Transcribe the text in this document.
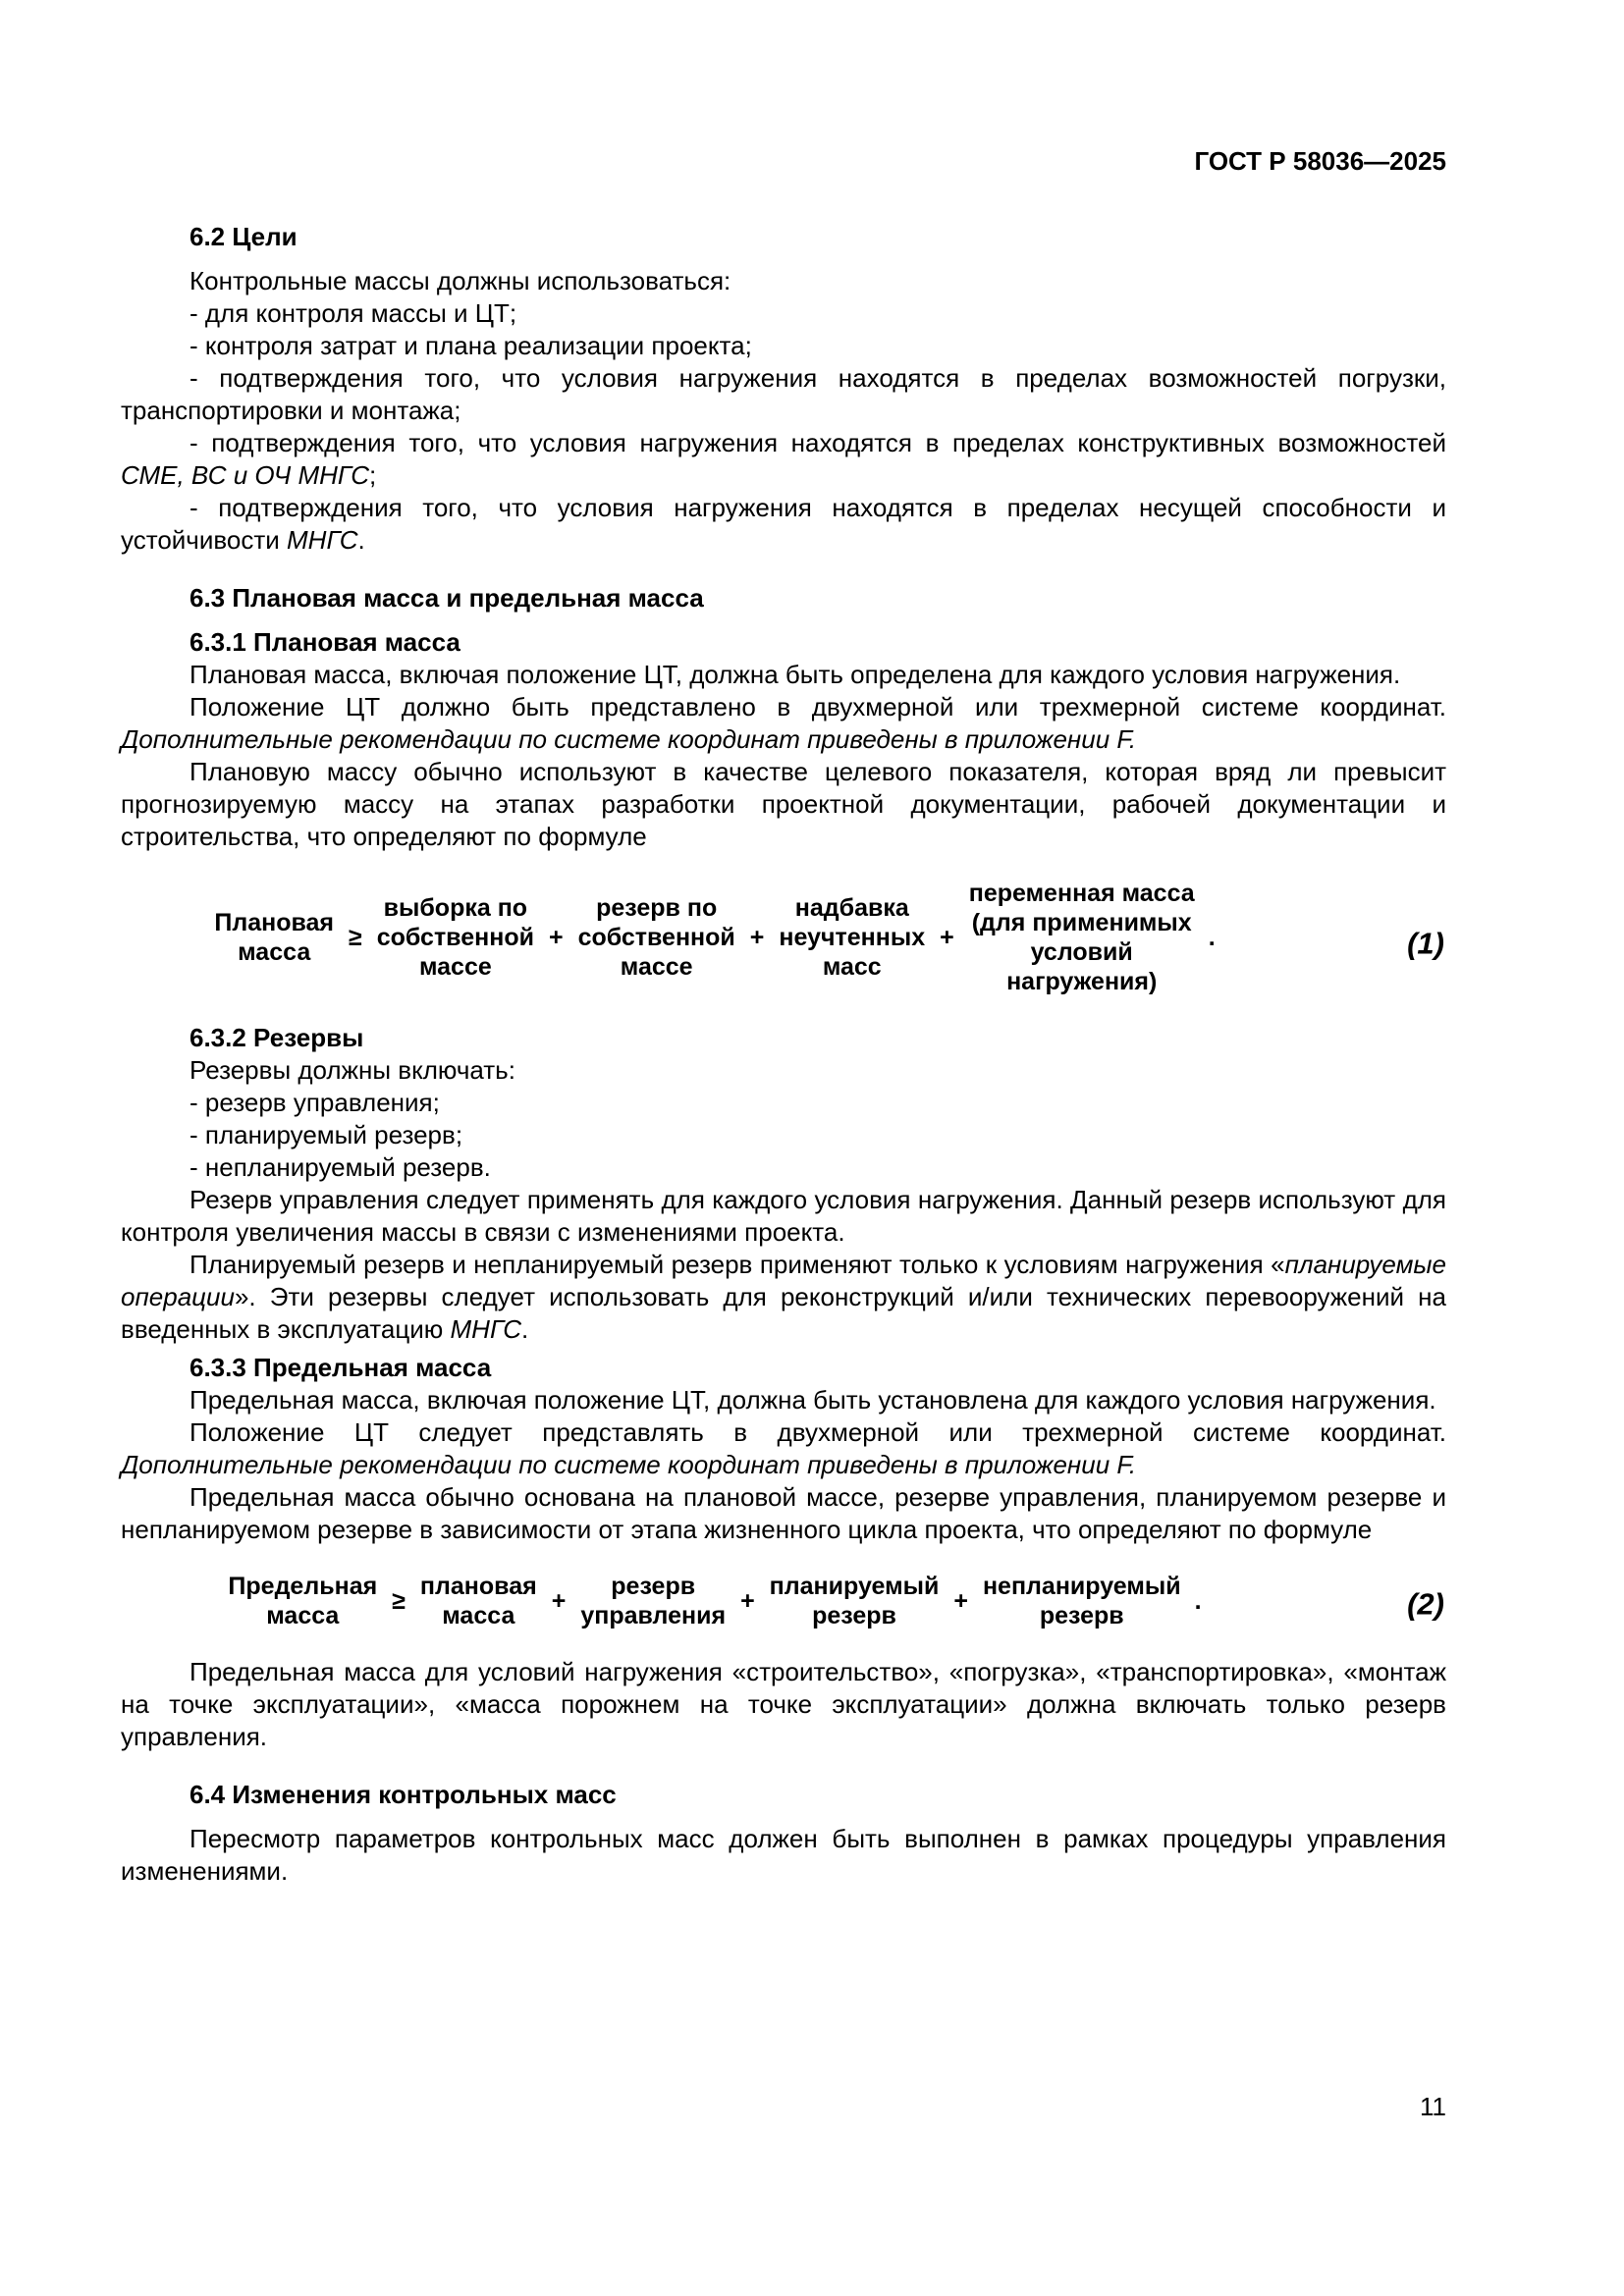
ГОСТ Р 58036—2025
6.2 Цели
Контрольные массы должны использоваться:
- для контроля массы и ЦТ;
- контроля затрат и плана реализации проекта;
- подтверждения того, что условия нагружения находятся в пределах возможностей погрузки, транспортировки и монтажа;
- подтверждения того, что условия нагружения находятся в пределах конструктивных возможностей СМЕ, ВС и ОЧ МНГС;
- подтверждения того, что условия нагружения находятся в пределах несущей способности и устойчивости МНГС.
6.3 Плановая масса и предельная масса
6.3.1 Плановая масса
Плановая масса, включая положение ЦТ, должна быть определена для каждого условия нагружения.
Положение ЦТ должно быть представлено в двухмерной или трехмерной системе координат. Дополнительные рекомендации по системе координат приведены в приложении F.
Плановую массу обычно используют в качестве целевого показателя, которая вряд ли превысит прогнозируемую массу на этапах разработки проектной документации, рабочей документации и строительства, что определяют по формуле
Плановая
масса
≥
выборка по
собственной
массе
+
резерв по
собственной
массе
+
надбавка
неучтенных
масс
+
переменная масса
(для применимых
условий
нагружения)
.	(1)
6.3.2 Резервы
Резервы должны включать:
- резерв управления;
- планируемый резерв;
- непланируемый резерв.
Резерв управления следует применять для каждого условия нагружения. Данный резерв используют для контроля увеличения массы в связи с изменениями проекта.
Планируемый резерв и непланируемый резерв применяют только к условиям нагружения «планируемые операции». Эти резервы следует использовать для реконструкций и/или технических перевооружений на введенных в эксплуатацию МНГС.
6.3.3 Предельная масса
Предельная масса, включая положение ЦТ, должна быть установлена для каждого условия нагружения.
Положение ЦТ следует представлять в двухмерной или трехмерной системе координат. Дополнительные рекомендации по системе координат приведены в приложении F.
Предельная масса обычно основана на плановой массе, резерве управления, планируемом резерве и непланируемом резерве в зависимости от этапа жизненного цикла проекта, что определяют по формуле
Предельная
масса
≥
плановая
масса
+
резерв
управления
+
планируемый
резерв
+
непланируемый
резерв
.	(2)
Предельная масса для условий нагружения «строительство», «погрузка», «транспортировка», «монтаж на точке эксплуатации», «масса порожнем на точке эксплуатации» должна включать только резерв управления.
6.4 Изменения контрольных масс
Пересмотр параметров контрольных масс должен быть выполнен в рамках процедуры управления изменениями.
11
